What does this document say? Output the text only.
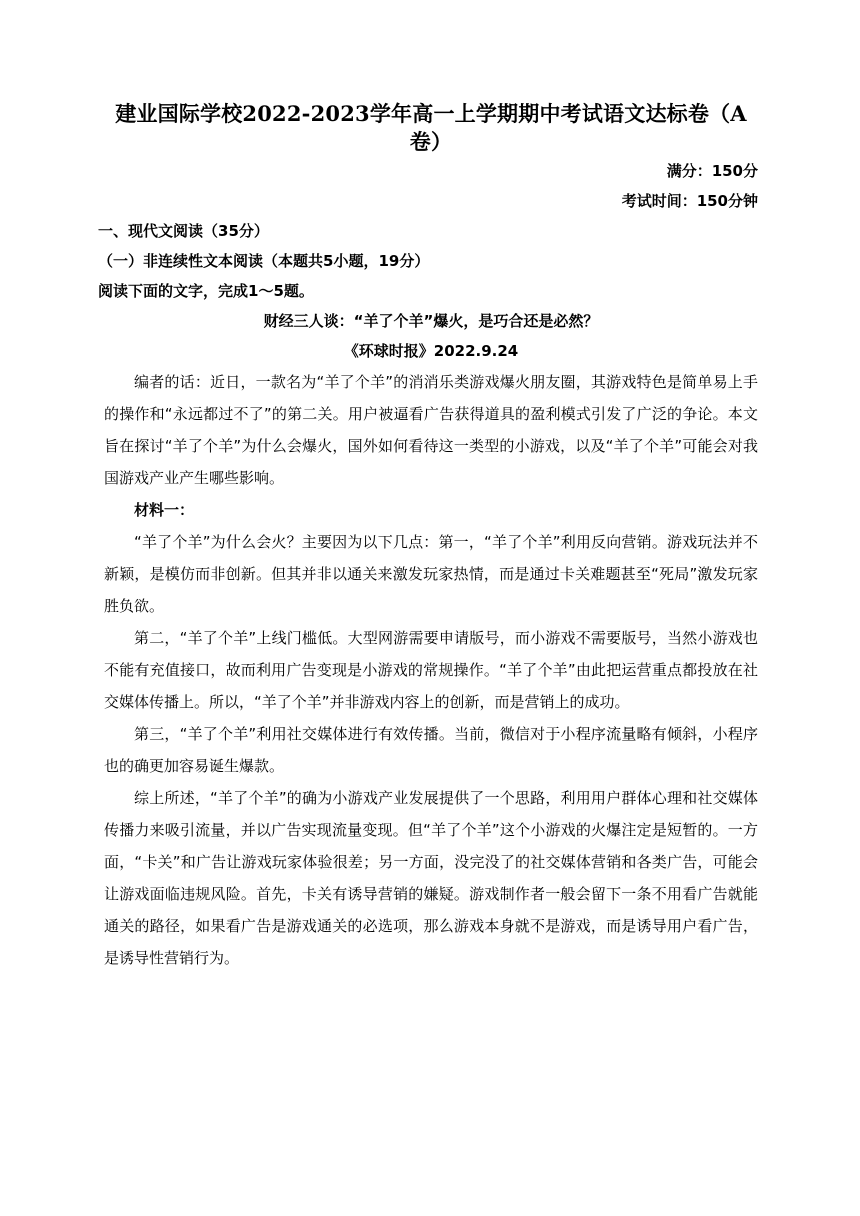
建业国际学校2022-2023学年高一上学期期中考试语文达标卷（A卷）
满分：150分
考试时间：150分钟
一、现代文阅读（35分）
（一）非连续性文本阅读（本题共5小题，19分）
阅读下面的文字，完成1～5题。
财经三人谈：“羊了个羊”爆火，是巧合还是必然？
《环球时报》2022.9.24

编者的话：近日，一款名为“羊了个羊”的消消乐类游戏爆火朋友圈，其游戏特色是简单易上手的操作和“永远都过不了”的第二关。用户被逼看广告获得道具的盈利模式引发了广泛的争论。本文旨在探讨“羊了个羊”为什么会爆火，国外如何看待这一类型的小游戏，以及“羊了个羊”可能会对我国游戏产业产生哪些影响。

材料一：

“羊了个羊”为什么会火？主要因为以下几点：第一，“羊了个羊”利用反向营销。游戏玩法并不新颖，是模仿而非创新。但其并非以通关来激发玩家热情，而是通过卡关难题甚至“死局”激发玩家胜负欲。

第二，“羊了个羊”上线门槛低。大型网游需要申请版号，而小游戏不需要版号，当然小游戏也不能有充值接口，故而利用广告变现是小游戏的常规操作。“羊了个羊”由此把运营重点都投放在社交媒体传播上。所以，“羊了个羊”并非游戏内容上的创新，而是营销上的成功。

第三，“羊了个羊”利用社交媒体进行有效传播。当前，微信对于小程序流量略有倾斜，小程序也的确更加容易诞生爆款。

综上所述，“羊了个羊”的确为小游戏产业发展提供了一个思路，利用用户群体心理和社交媒体传播力来吸引流量，并以广告实现流量变现。但“羊了个羊”这个小游戏的火爆注定是短暂的。一方面，“卡关”和广告让游戏玩家体验很差；另一方面，没完没了的社交媒体营销和各类广告，可能会让游戏面临违规风险。首先，卡关有诱导营销的嫌疑。游戏制作者一般会留下一条不用看广告就能通关的路径，如果看广告是游戏通关的必选项，那么游戏本身就不是游戏，而是诱导用户看广告，是诱导性营销行为。
